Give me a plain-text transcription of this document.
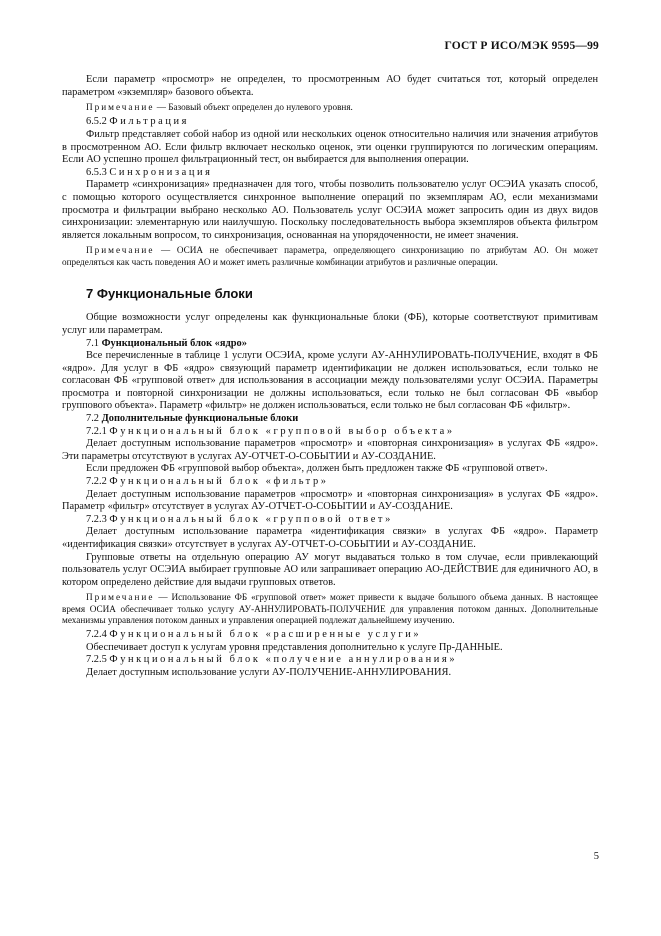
ГОСТ Р ИСО/МЭК 9595—99

Если параметр «просмотр» не определен, то просмотренным АО будет считаться тот, который определен параметром «экземпляр» базового объекта.

Примечание — Базовый объект определен до нулевого уровня.

6.5.2 Фильтрация

Фильтр представляет собой набор из одной или нескольких оценок относительно наличия или значения атрибутов в просмотренном АО. Если фильтр включает несколько оценок, эти оценки группируются по логическим операциям. Если АО успешно прошел фильтрационный тест, он выбирается для выполнения операции.

6.5.3 Синхронизация

Параметр «синхронизация» предназначен для того, чтобы позволить пользователю услуг ОСЭИА указать способ, с помощью которого осуществляется синхронное выполнение операций по экземплярам АО, если механизмами просмотра и фильтрации выбрано несколько АО. Пользователь услуг ОСЭИА может запросить один из двух видов синхронизации: элементарную или наилучшую. Поскольку последовательность выбора экземпляров объекта фильтром является локальным вопросом, то синхронизация, основанная на упорядоченности, не имеет значения.

Примечание — ОСИА не обеспечивает параметра, определяющего синхронизацию по атрибутам АО. Он может определяться как часть поведения АО и может иметь различные комбинации атрибутов и различные операции.

7 Функциональные блоки

Общие возможности услуг определены как функциональные блоки (ФБ), которые соответствуют примитивам услуг или параметрам.

7.1 Функциональный блок «ядро»

Все перечисленные в таблице 1 услуги ОСЭИА, кроме услуги АУ-АННУЛИРОВАТЬ-ПОЛУЧЕНИЕ, входят в ФБ «ядро». Для услуг в ФБ «ядро» связующий параметр идентификации не должен использоваться, если только не согласован ФБ «групповой ответ» для использования в ассоциации между пользователями услуг ОСЭИА. Параметры просмотра и повторной синхронизации не должны использоваться, если только не был согласован ФБ «выбор группового объекта». Параметр «фильтр» не должен использоваться, если только не был согласован ФБ «фильтр».

7.2 Дополнительные функциональные блоки

7.2.1 Функциональный блок «групповой выбор объекта»

Делает доступным использование параметров «просмотр» и «повторная синхронизация» в услугах ФБ «ядро». Эти параметры отсутствуют в услугах АУ-ОТЧЕТ-О-СОБЫТИИ и АУ-СОЗДАНИЕ.

Если предложен ФБ «групповой выбор объекта», должен быть предложен также ФБ «групповой ответ».

7.2.2 Функциональный блок «фильтр»

Делает доступным использование параметров «просмотр» и «повторная синхронизация» в услугах ФБ «ядро». Параметр «фильтр» отсутствует в услугах АУ-ОТЧЕТ-О-СОБЫТИИ и АУ-СОЗДАНИЕ.

7.2.3 Функциональный блок «групповой ответ»

Делает доступным использование параметра «идентификация связки» в услугах ФБ «ядро». Параметр «идентификация связки» отсутствует в услугах АУ-ОТЧЕТ-О-СОБЫТИИ и АУ-СОЗДАНИЕ.

Групповые ответы на отдельную операцию АУ могут выдаваться только в том случае, если привлекающий пользователь услуг ОСЭИА выбирает групповые АО или запрашивает операцию АО-ДЕЙСТВИЕ для единичного АО, в котором определено действие для выдачи групповых ответов.

Примечание — Использование ФБ «групповой ответ» может привести к выдаче большого объема данных. В настоящее время ОСИА обеспечивает только услугу АУ-АННУЛИРОВАТЬ-ПОЛУЧЕНИЕ для управления потоком данных. Дополнительные механизмы управления потоком данных и управления операцией подлежат дальнейшему изучению.

7.2.4 Функциональный блок «расширенные услуги»

Обеспечивает доступ к услугам уровня представления дополнительно к услуге Пр-ДАННЫЕ.

7.2.5 Функциональный блок «получение аннулирования»

Делает доступным использование услуги АУ-ПОЛУЧЕНИЕ-АННУЛИРОВАНИЯ.

5
